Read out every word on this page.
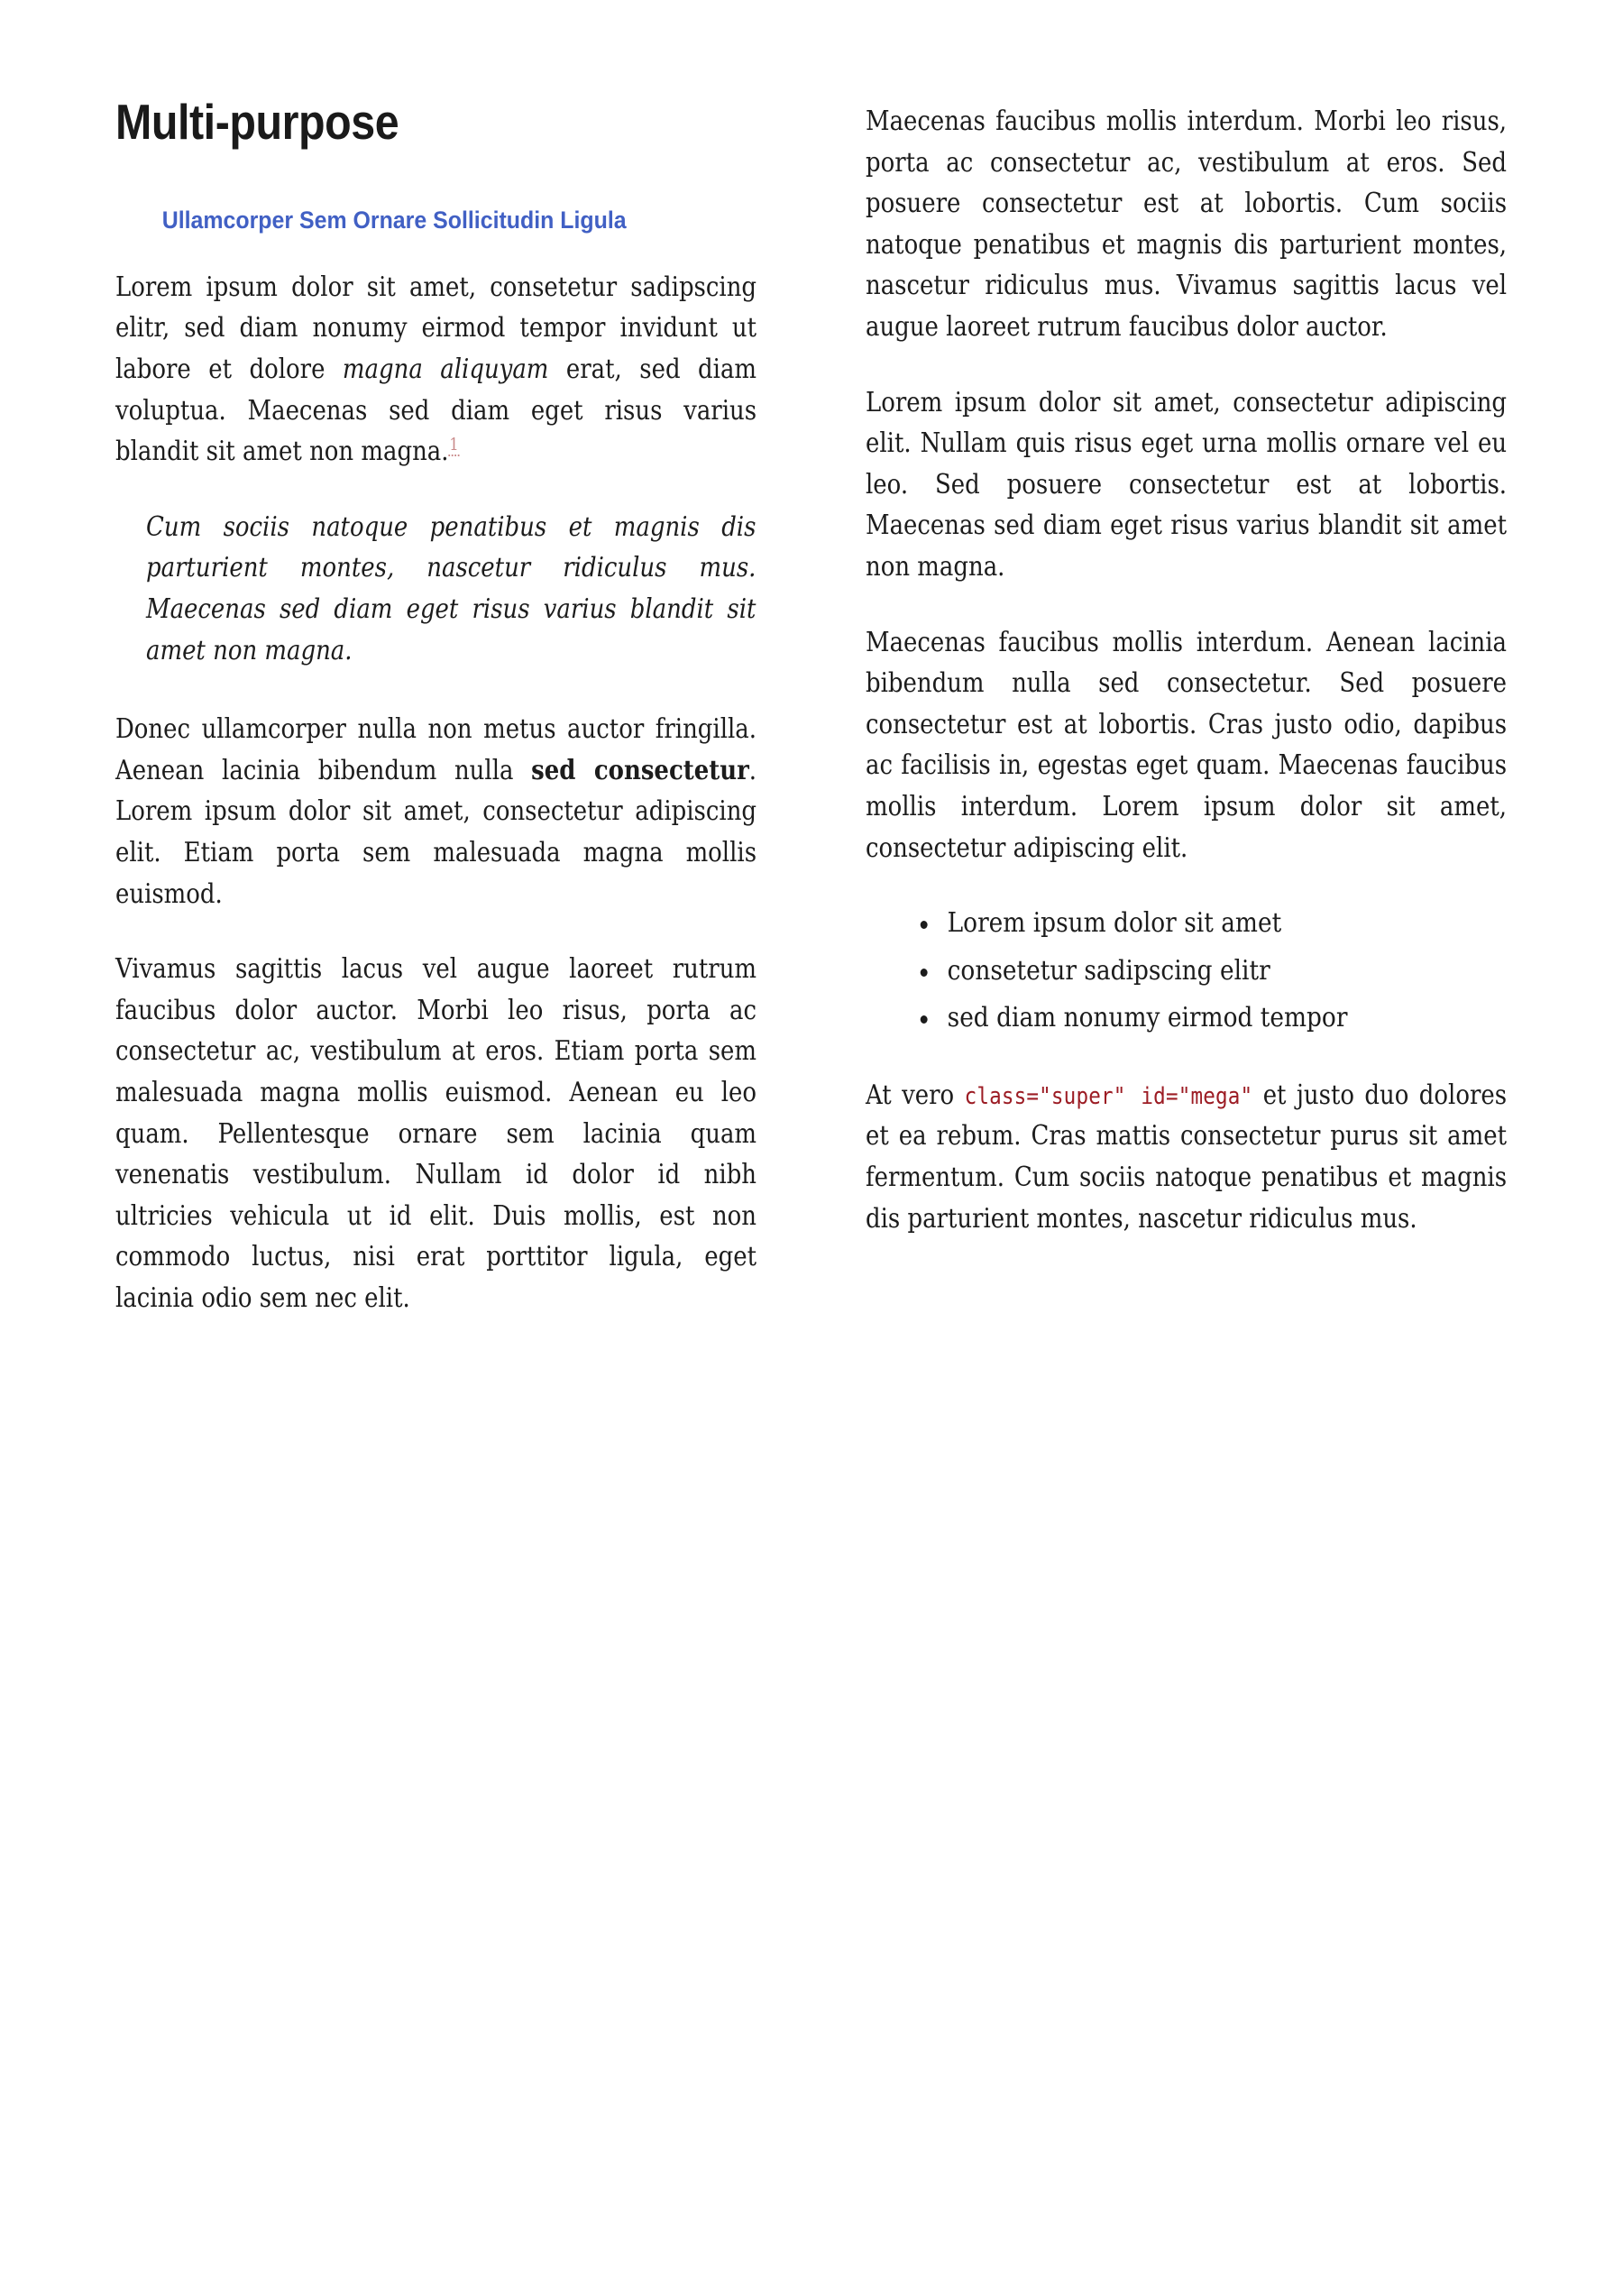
Multi-purpose
Ullamcorper Sem Ornare Sollicitudin Ligula

Lorem ipsum dolor sit amet, consetetur sadipscing elitr, sed diam nonumy eirmod tempor invidunt ut labore et dolore magna aliquyam erat, sed diam voluptua. Maecenas sed diam eget risus varius blandit sit amet non magna.$^1$

Cum sociis natoque penatibus et magnis dis parturient montes, nascetur ridiculus mus. Maecenas sed diam eget risus varius blandit sit amet non magna.

Donec ullamcorper nulla non metus auctor fringilla. Aenean lacinia bibendum nulla sed consectetur. Lorem ipsum dolor sit amet, consectetur adipiscing elit. Etiam porta sem malesuada magna mollis euismod.

Vivamus sagittis lacus vel augue laoreet rutrum faucibus dolor auctor. Morbi leo risus, porta ac consectetur ac, vestibulum at eros. Etiam porta sem malesuada magna mollis euismod. Aenean eu leo quam. Pellentesque ornare sem lacinia quam venenatis vestibulum. Nullam id dolor id nibh ultricies vehicula ut id elit. Duis mollis, est non commodo luctus, nisi erat porttitor ligula, eget lacinia odio sem nec elit.

Maecenas faucibus mollis interdum. Morbi leo risus, porta ac consectetur ac, vestibulum at eros. Sed posuere consectetur est at lobortis. Cum sociis natoque penatibus et magnis dis parturient montes, nascetur ridiculus mus. Vivamus sagittis lacus vel augue laoreet rutrum faucibus dolor auctor.

Lorem ipsum dolor sit amet, consectetur adipiscing elit. Nullam quis risus eget urna mollis ornare vel eu leo. Sed posuere consectetur est at lobortis. Maecenas sed diam eget risus varius blandit sit amet non magna.

Maecenas faucibus mollis interdum. Aenean lacinia bibendum nulla sed consectetur. Sed posuere consectetur est at lobortis. Cras justo odio, dapibus ac facilisis in, egestas eget quam. Maecenas faucibus mollis interdum. Lorem ipsum dolor sit amet, consectetur adipiscing elit.

Lorem ipsum dolor sit amet
consetetur sadipscing elitr
sed diam nonumy eirmod tempor

At vero class="super" id="mega" et justo duo dolores et ea rebum. Cras mattis consectetur purus sit amet fermentum. Cum sociis natoque penatibus et magnis dis parturient montes, nascetur ridiculus mus.
